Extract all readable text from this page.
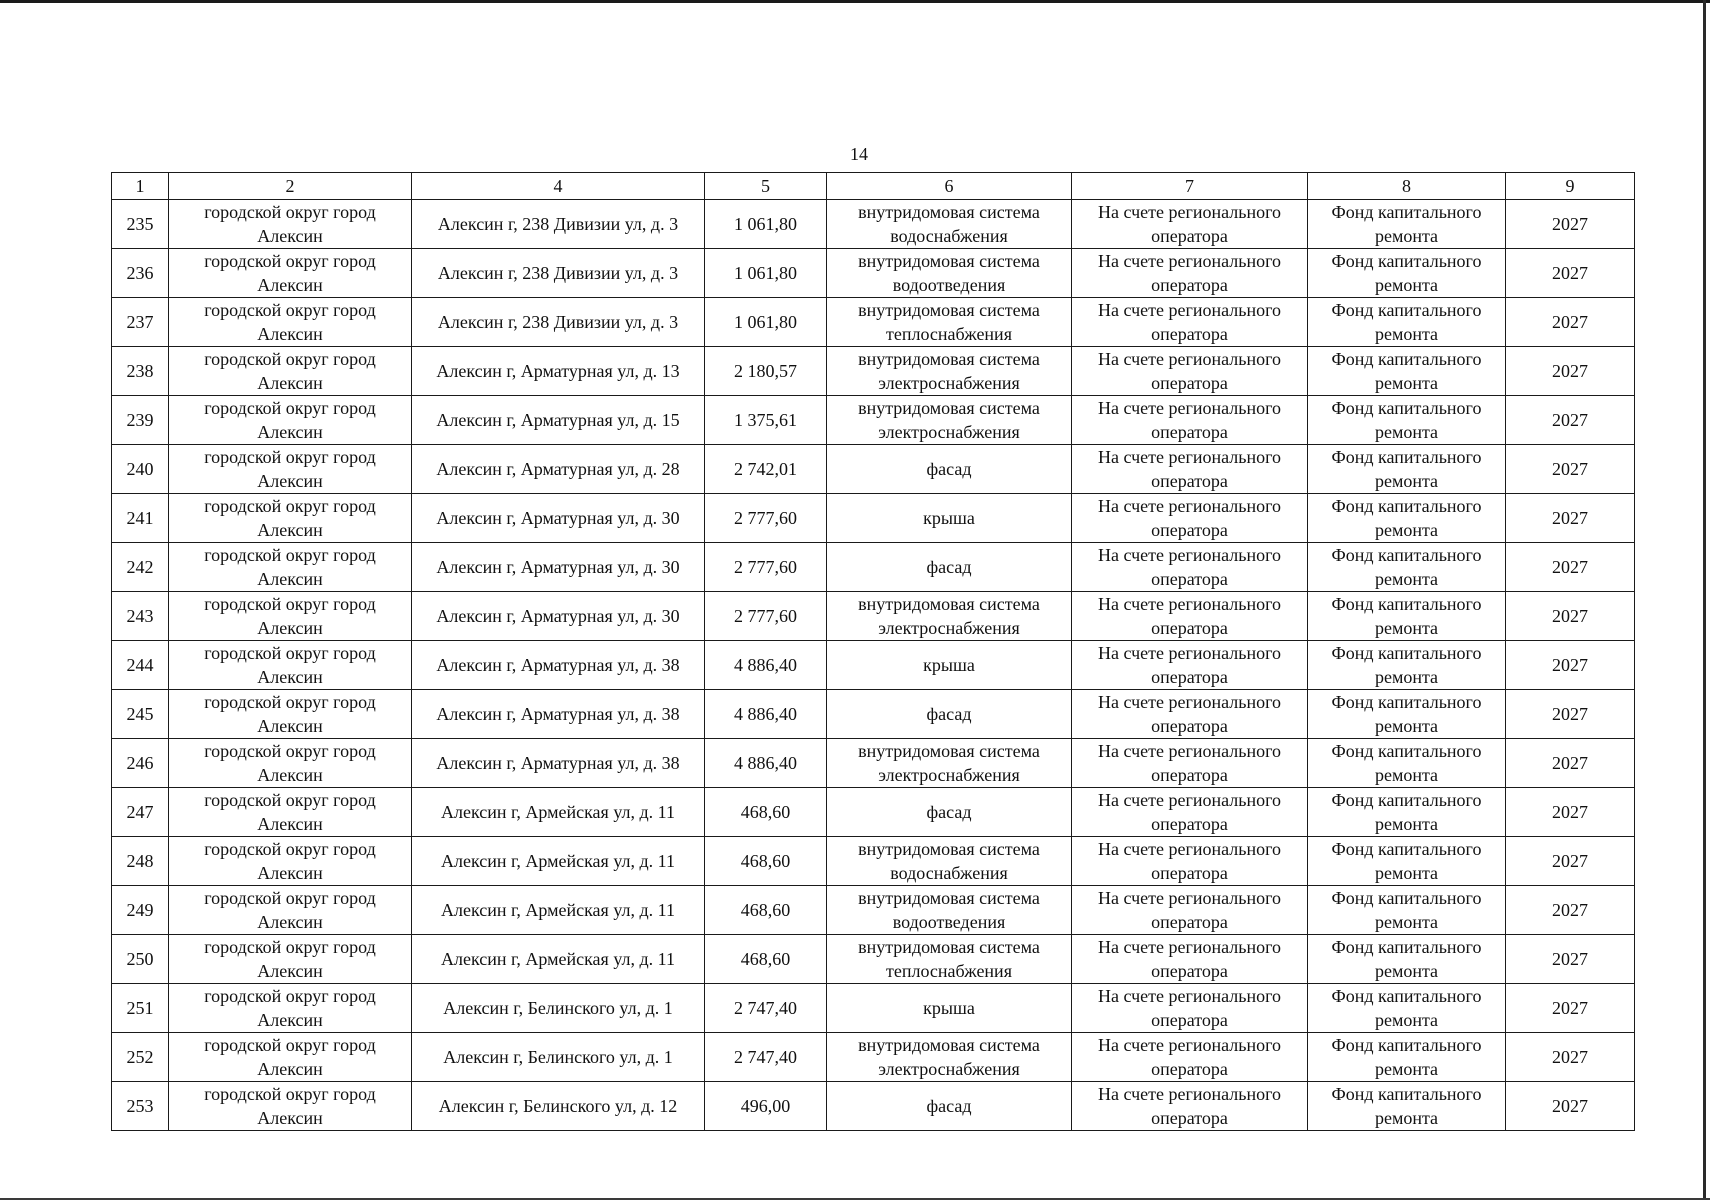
14
1	2	4	5	6	7	8	9
235	городской округ город Алексин	Алексин г, 238 Дивизии ул, д. 3	1 061,80	внутридомовая система водоснабжения	На счете регионального оператора	Фонд капитального ремонта	2027
236	городской округ город Алексин	Алексин г, 238 Дивизии ул, д. 3	1 061,80	внутридомовая система водоотведения	На счете регионального оператора	Фонд капитального ремонта	2027
237	городской округ город Алексин	Алексин г, 238 Дивизии ул, д. 3	1 061,80	внутридомовая система теплоснабжения	На счете регионального оператора	Фонд капитального ремонта	2027
238	городской округ город Алексин	Алексин г, Арматурная ул, д. 13	2 180,57	внутридомовая система электроснабжения	На счете регионального оператора	Фонд капитального ремонта	2027
239	городской округ город Алексин	Алексин г, Арматурная ул, д. 15	1 375,61	внутридомовая система электроснабжения	На счете регионального оператора	Фонд капитального ремонта	2027
240	городской округ город Алексин	Алексин г, Арматурная ул, д. 28	2 742,01	фасад	На счете регионального оператора	Фонд капитального ремонта	2027
241	городской округ город Алексин	Алексин г, Арматурная ул, д. 30	2 777,60	крыша	На счете регионального оператора	Фонд капитального ремонта	2027
242	городской округ город Алексин	Алексин г, Арматурная ул, д. 30	2 777,60	фасад	На счете регионального оператора	Фонд капитального ремонта	2027
243	городской округ город Алексин	Алексин г, Арматурная ул, д. 30	2 777,60	внутридомовая система электроснабжения	На счете регионального оператора	Фонд капитального ремонта	2027
244	городской округ город Алексин	Алексин г, Арматурная ул, д. 38	4 886,40	крыша	На счете регионального оператора	Фонд капитального ремонта	2027
245	городской округ город Алексин	Алексин г, Арматурная ул, д. 38	4 886,40	фасад	На счете регионального оператора	Фонд капитального ремонта	2027
246	городской округ город Алексин	Алексин г, Арматурная ул, д. 38	4 886,40	внутридомовая система электроснабжения	На счете регионального оператора	Фонд капитального ремонта	2027
247	городской округ город Алексин	Алексин г, Армейская ул, д. 11	468,60	фасад	На счете регионального оператора	Фонд капитального ремонта	2027
248	городской округ город Алексин	Алексин г, Армейская ул, д. 11	468,60	внутридомовая система водоснабжения	На счете регионального оператора	Фонд капитального ремонта	2027
249	городской округ город Алексин	Алексин г, Армейская ул, д. 11	468,60	внутридомовая система водоотведения	На счете регионального оператора	Фонд капитального ремонта	2027
250	городской округ город Алексин	Алексин г, Армейская ул, д. 11	468,60	внутридомовая система теплоснабжения	На счете регионального оператора	Фонд капитального ремонта	2027
251	городской округ город Алексин	Алексин г, Белинского ул, д. 1	2 747,40	крыша	На счете регионального оператора	Фонд капитального ремонта	2027
252	городской округ город Алексин	Алексин г, Белинского ул, д. 1	2 747,40	внутридомовая система электроснабжения	На счете регионального оператора	Фонд капитального ремонта	2027
253	городской округ город Алексин	Алексин г, Белинского ул, д. 12	496,00	фасад	На счете регионального оператора	Фонд капитального ремонта	2027
